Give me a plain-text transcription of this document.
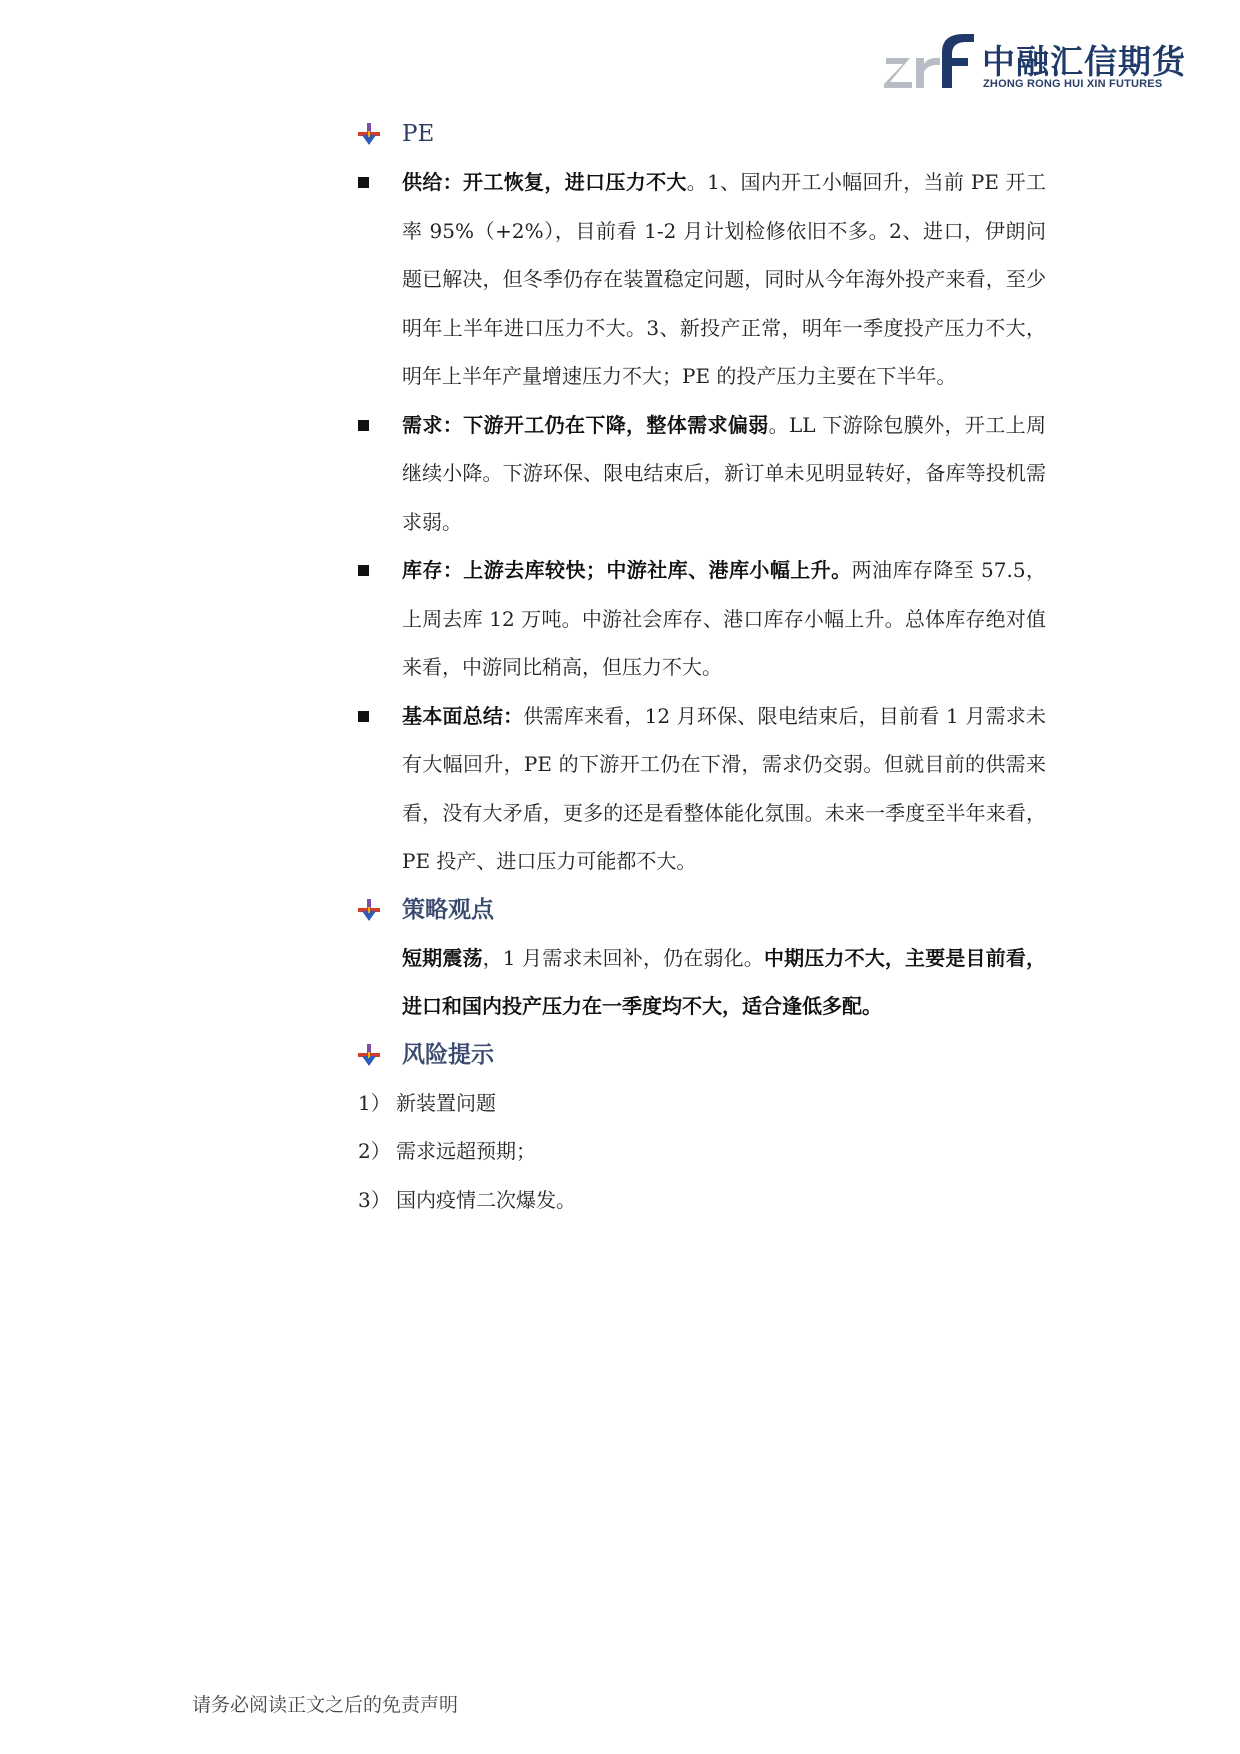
中融汇信期货
ZHONG RONG HUI XIN FUTURES
PE
供给：开工恢复，进口压力不大。1、国内开工小幅回升，当前 PE 开工率 95%（+2%），目前看 1-2 月计划检修依旧不多。2、进口，伊朗问题已解决，但冬季仍存在装置稳定问题，同时从今年海外投产来看，至少明年上半年进口压力不大。3、新投产正常，明年一季度投产压力不大，明年上半年产量增速压力不大；PE 的投产压力主要在下半年。
需求：下游开工仍在下降，整体需求偏弱。LL 下游除包膜外，开工上周继续小降。下游环保、限电结束后，新订单未见明显转好，备库等投机需求弱。
库存：上游去库较快；中游社库、港库小幅上升。两油库存降至 57.5，上周去库 12 万吨。中游社会库存、港口库存小幅上升。总体库存绝对值来看，中游同比稍高，但压力不大。
基本面总结：供需库来看，12 月环保、限电结束后，目前看 1 月需求未有大幅回升，PE 的下游开工仍在下滑，需求仍交弱。但就目前的供需来看，没有大矛盾，更多的还是看整体能化氛围。未来一季度至半年来看，PE 投产、进口压力可能都不大。
策略观点
短期震荡，1 月需求未回补，仍在弱化。中期压力不大，主要是目前看，进口和国内投产压力在一季度均不大，适合逢低多配。
风险提示
1） 新装置问题
2） 需求远超预期；
3） 国内疫情二次爆发。
请务必阅读正文之后的免责声明
